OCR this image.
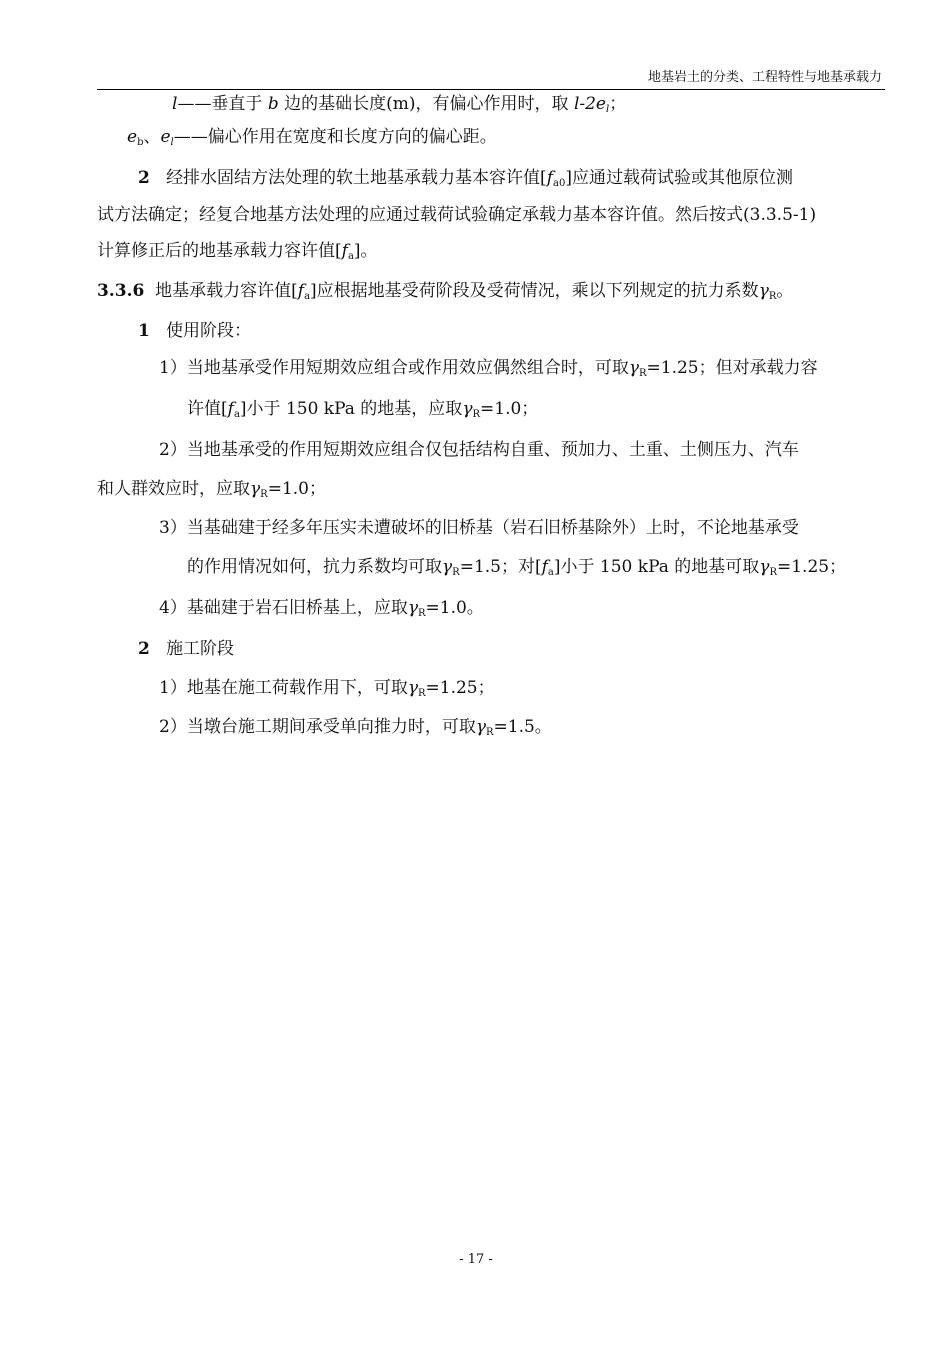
地基岩土的分类、工程特性与地基承载力
l——垂直于 b 边的基础长度(m)，有偏心作用时，取 $l-2e_l$；
$e_b$、$e_l——$偏心作用在宽度和长度方向的偏心距。
2 经排水固结方法处理的软土地基承载力基本容许值$[f_{a0}]$应通过载荷试验或其他原位测
试方法确定；经复合地基方法处理的应通过载荷试验确定承载力基本容许值。然后按式(3.3.5-1)
计算修正后的地基承载力容许值$[f_a]$。
3.3.6 地基承载力容许值$[f_a]$应根据地基受荷阶段及受荷情况，乘以下列规定的抗力系数$\gamma_R$。
1 使用阶段：
1）当地基承受作用短期效应组合或作用效应偶然组合时，可取$\gamma_R=1.25$；但对承载力容
许值$[f_a]$小于 150 kPa 的地基，应取$\gamma_R=1.0$；
2）当地基承受的作用短期效应组合仅包括结构自重、预加力、土重、土侧压力、汽车
和人群效应时，应取$\gamma_R=1.0$；
3）当基础建于经多年压实未遭破坏的旧桥基（岩石旧桥基除外）上时，不论地基承受
的作用情况如何，抗力系数均可取$\gamma_R=1.5$；对$[f_a]$小于 150 kPa 的地基可取$\gamma_R=1.25$；
4）基础建于岩石旧桥基上，应取$\gamma_R=1.0$。
2 施工阶段
1）地基在施工荷载作用下，可取$\gamma_R=1.25$；
2）当墩台施工期间承受单向推力时，可取$\gamma_R=1.5$。
- 17 -
